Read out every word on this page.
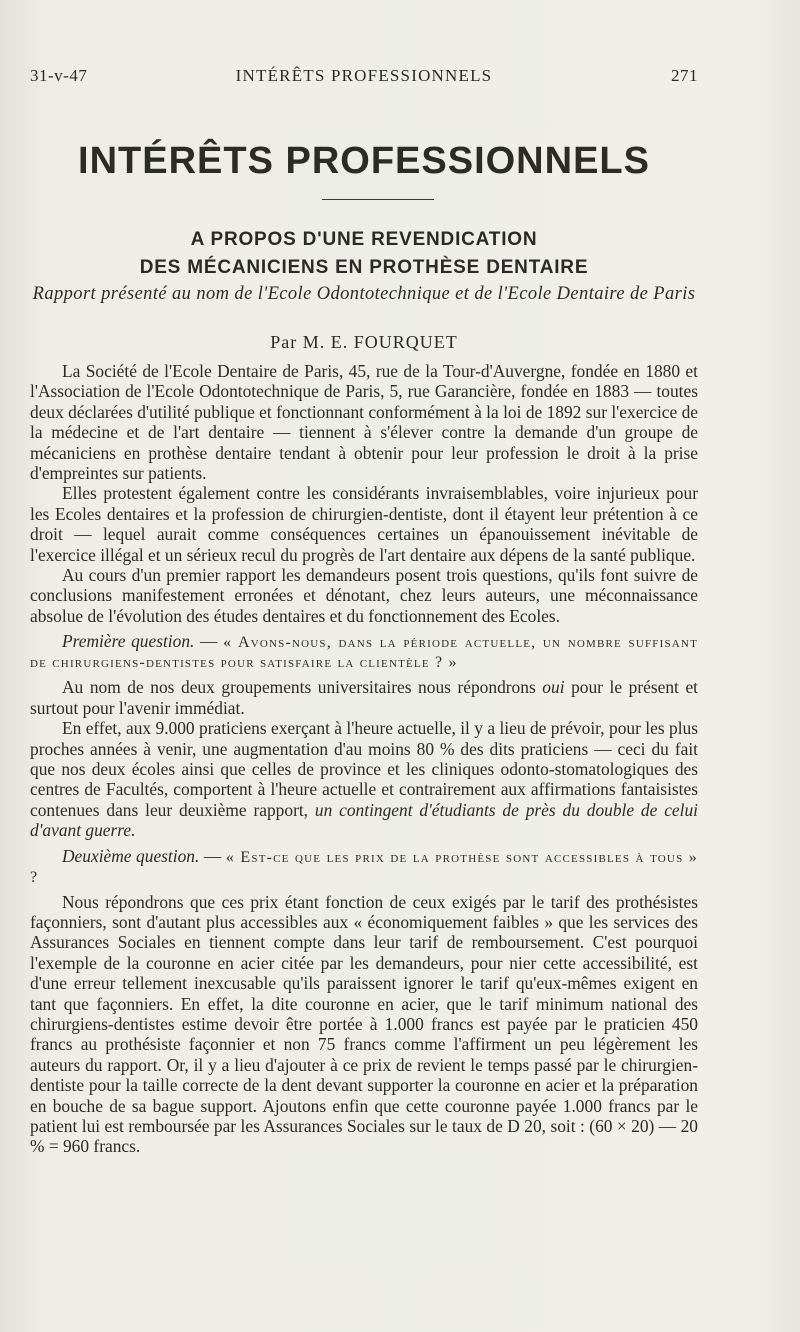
31-v-47	INTÉRÊTS PROFESSIONNELS	271
INTÉRÊTS PROFESSIONNELS
A PROPOS D'UNE REVENDICATION
DES MÉCANICIENS EN PROTHÈSE DENTAIRE
Rapport présenté au nom de l'Ecole Odontotechnique et de l'Ecole Dentaire de Paris
Par M. E. FOURQUET

La Société de l'Ecole Dentaire de Paris, 45, rue de la Tour-d'Auvergne, fondée en 1880 et l'Association de l'Ecole Odontotechnique de Paris, 5, rue Garancière, fondée en 1883 — toutes deux déclarées d'utilité publique et fonctionnant conformément à la loi de 1892 sur l'exercice de la médecine et de l'art dentaire — tiennent à s'élever contre la demande d'un groupe de mécaniciens en prothèse dentaire tendant à obtenir pour leur profession le droit à la prise d'empreintes sur patients.

Elles protestent également contre les considérants invraisemblables, voire injurieux pour les Ecoles dentaires et la profession de chirurgien-dentiste, dont il étayent leur prétention à ce droit — lequel aurait comme conséquences certaines un épanouissement inévitable de l'exercice illégal et un sérieux recul du progrès de l'art dentaire aux dépens de la santé publique.

Au cours d'un premier rapport les demandeurs posent trois questions, qu'ils font suivre de conclusions manifestement erronées et dénotant, chez leurs auteurs, une méconnaissance absolue de l'évolution des études dentaires et du fonctionnement des Ecoles.

Première question. — « Avons-nous, dans la période actuelle, un nombre suffisant de chirurgiens-dentistes pour satisfaire la clientèle ? »

Au nom de nos deux groupements universitaires nous répondrons oui pour le présent et surtout pour l'avenir immédiat.

En effet, aux 9.000 praticiens exerçant à l'heure actuelle, il y a lieu de prévoir, pour les plus proches années à venir, une augmentation d'au moins 80 % des dits praticiens — ceci du fait que nos deux écoles ainsi que celles de province et les cliniques odonto-stomatologiques des centres de Facultés, comportent à l'heure actuelle et contrairement aux affirmations fantaisistes contenues dans leur deuxième rapport, un contingent d'étudiants de près du double de celui d'avant guerre.

Deuxième question. — « Est-ce que les prix de la prothèse sont accessibles à tous » ?

Nous répondrons que ces prix étant fonction de ceux exigés par le tarif des prothésistes façonniers, sont d'autant plus accessibles aux « économiquement faibles » que les services des Assurances Sociales en tiennent compte dans leur tarif de remboursement. C'est pourquoi l'exemple de la couronne en acier citée par les demandeurs, pour nier cette accessibilité, est d'une erreur tellement inexcusable qu'ils paraissent ignorer le tarif qu'eux-mêmes exigent en tant que façonniers. En effet, la dite couronne en acier, que le tarif minimum national des chirurgiens-dentistes estime devoir être portée à 1.000 francs est payée par le praticien 450 francs au prothésiste façonnier et non 75 francs comme l'affirment un peu légèrement les auteurs du rapport. Or, il y a lieu d'ajouter à ce prix de revient le temps passé par le chirurgien-dentiste pour la taille correcte de la dent devant supporter la couronne en acier et la préparation en bouche de sa bague support. Ajoutons enfin que cette couronne payée 1.000 francs par le patient lui est remboursée par les Assurances Sociales sur le taux de D 20, soit : (60 × 20) — 20 % = 960 francs.
